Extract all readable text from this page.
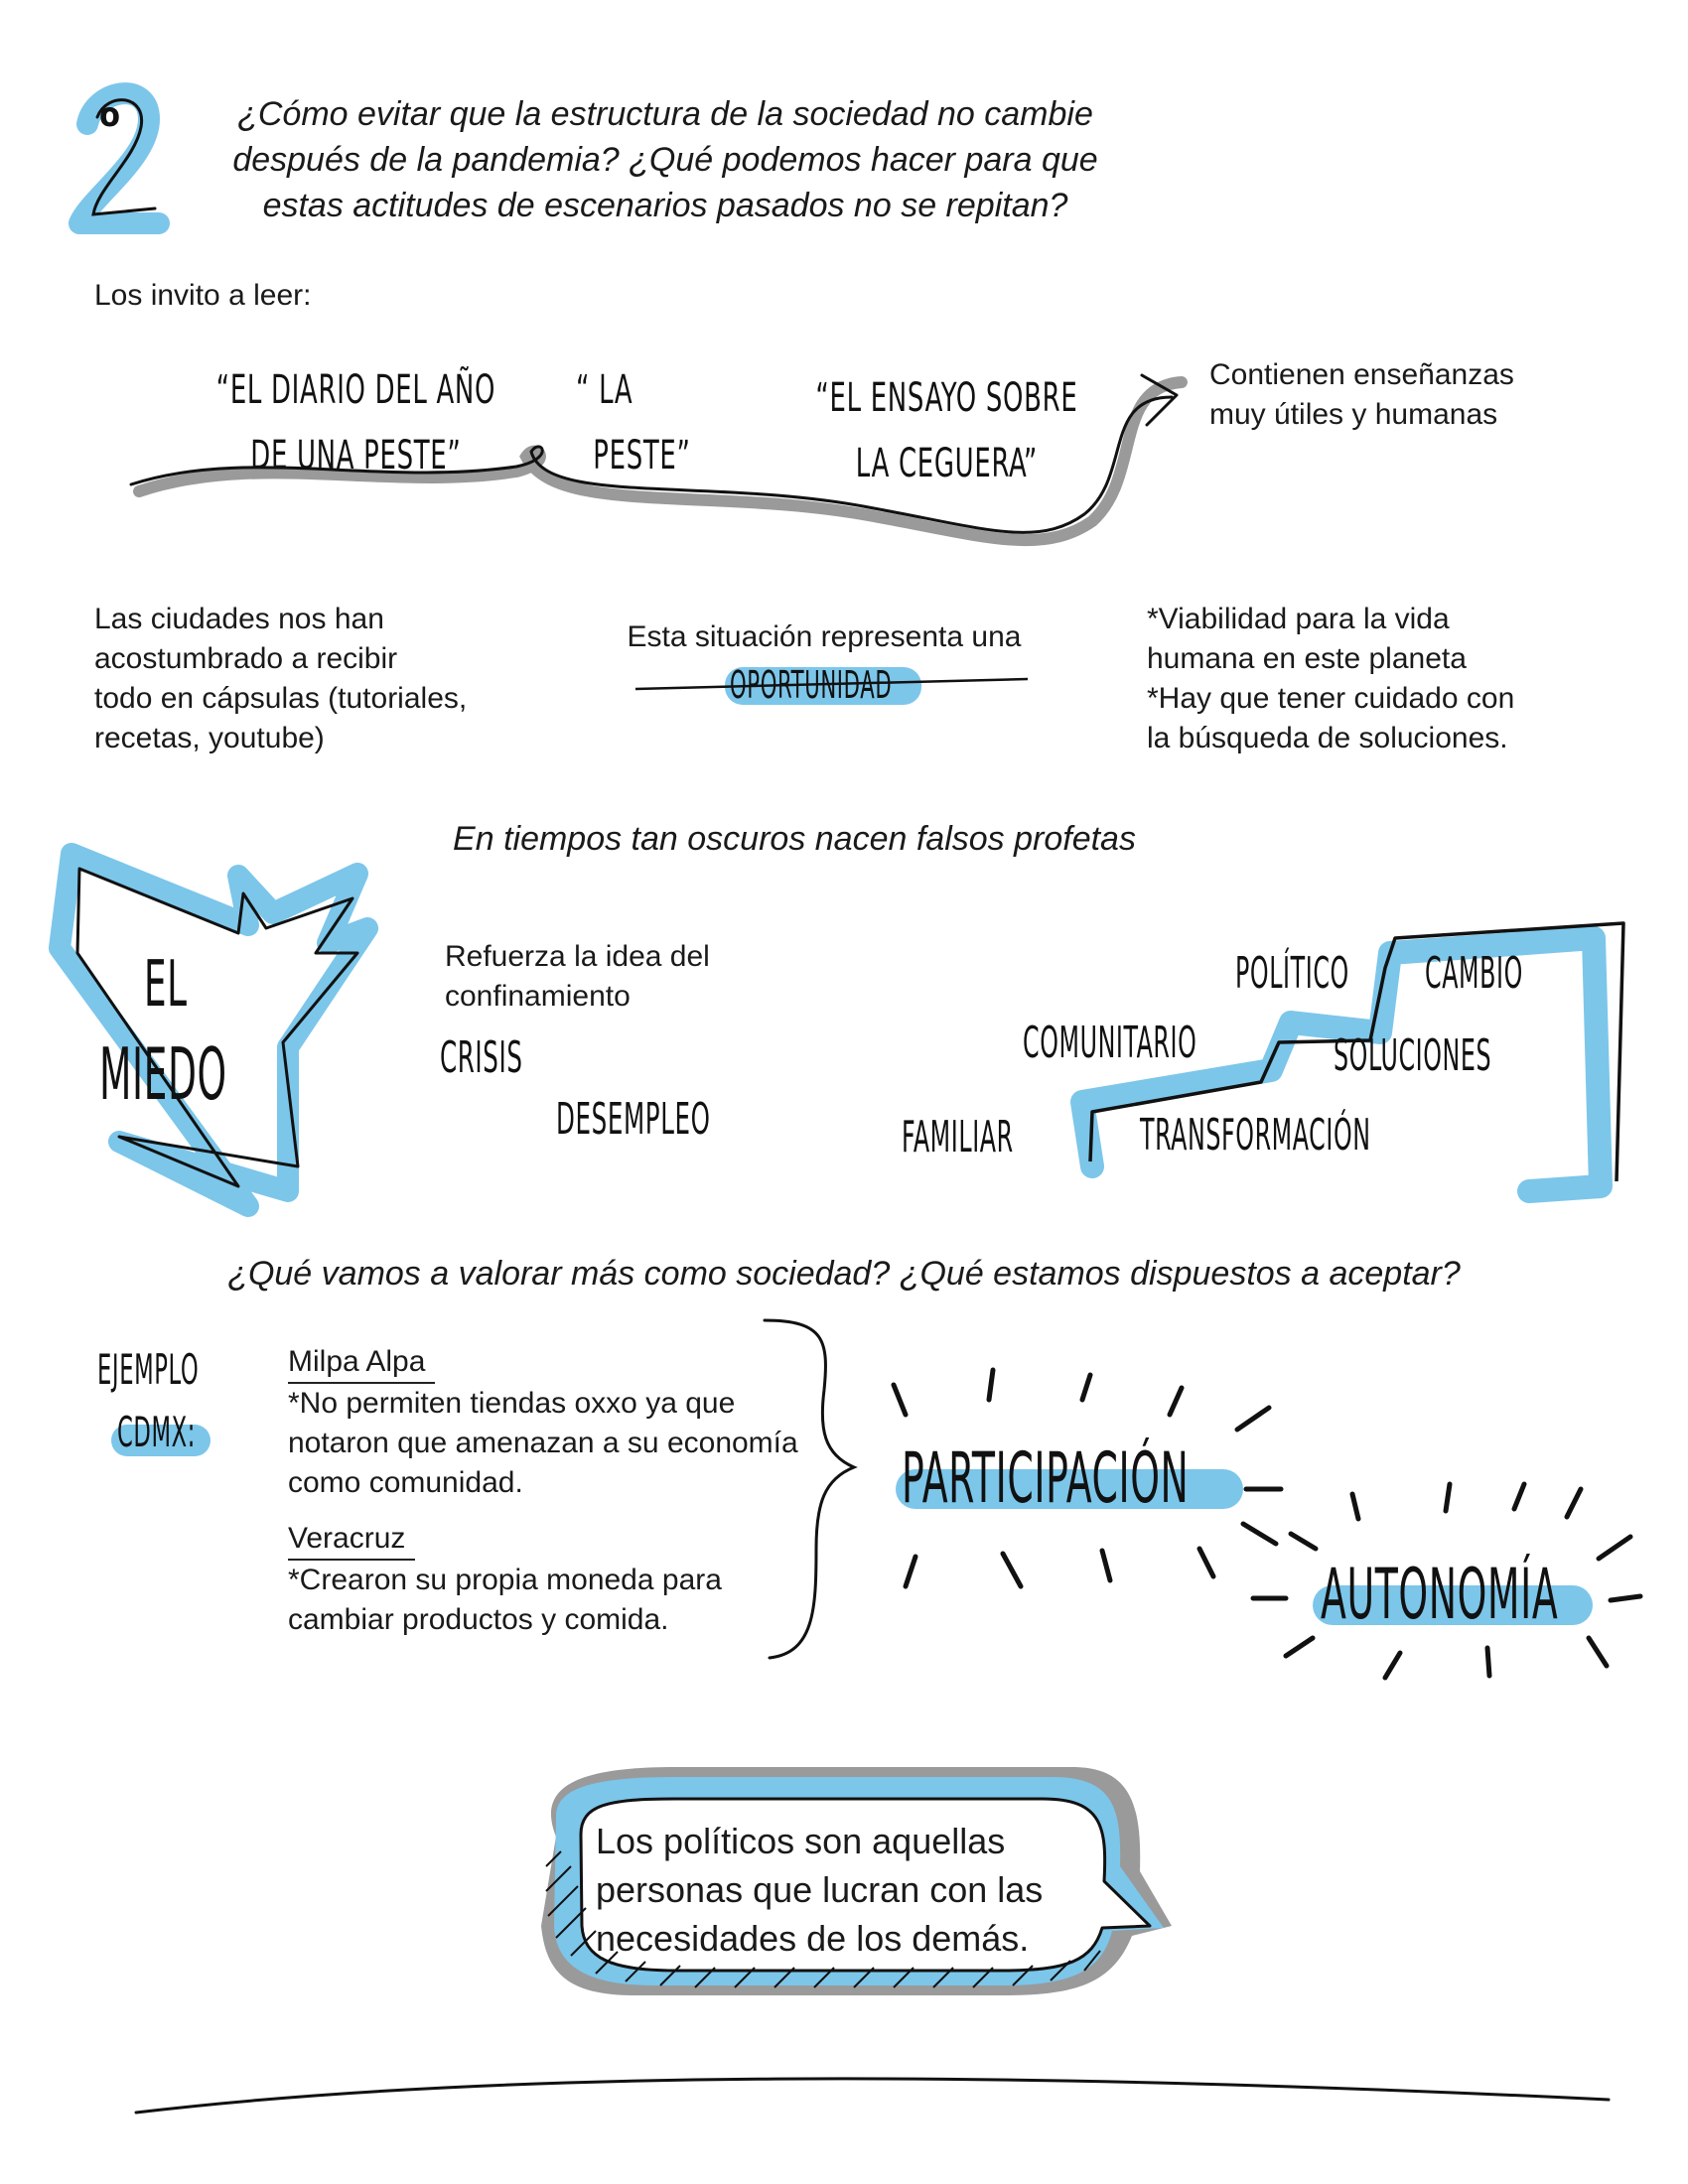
o	¿Cómo evitar que la estructura de la sociedad no cambie
después de la pandemia? ¿Qué podemos hacer para que
estas actitudes de escenarios pasados no se repitan?
Los invito a leer:
“EL DIARIO DEL AÑO
DE UNA PESTE”
“ LA
PESTE”
“EL ENSAYO SOBRE
LA CEGUERA”
Contienen enseñanzas
muy útiles y humanas
Las ciudades nos han
acostumbrado a recibir
todo en cápsulas (tutoriales,
recetas, youtube)
Esta situación representa una
OPORTUNIDAD
*Viabilidad para la vida
humana en este planeta
*Hay que tener cuidado con
la búsqueda de soluciones.
En tiempos tan oscuros nacen falsos profetas
EL
MIEDO
Refuerza la idea del
confinamiento
CRISIS
DESEMPLEO
POLÍTICO CAMBIO
COMUNITARIO	SOLUCIONES
FAMILIAR	TRANSFORMACIÓN
¿Qué vamos a valorar más como sociedad? ¿Qué estamos dispuestos a aceptar?
EJEMPLO
CDMX:
Milpa Alpa
*No permiten tiendas oxxo ya que
notaron que amenazan a su economía
como comunidad.
Veracruz
*Crearon su propia moneda para
cambiar productos y comida.
PARTICIPACIÓN
AUTONOMÍA
Los políticos son aquellas
personas que lucran con las
necesidades de los demás.
